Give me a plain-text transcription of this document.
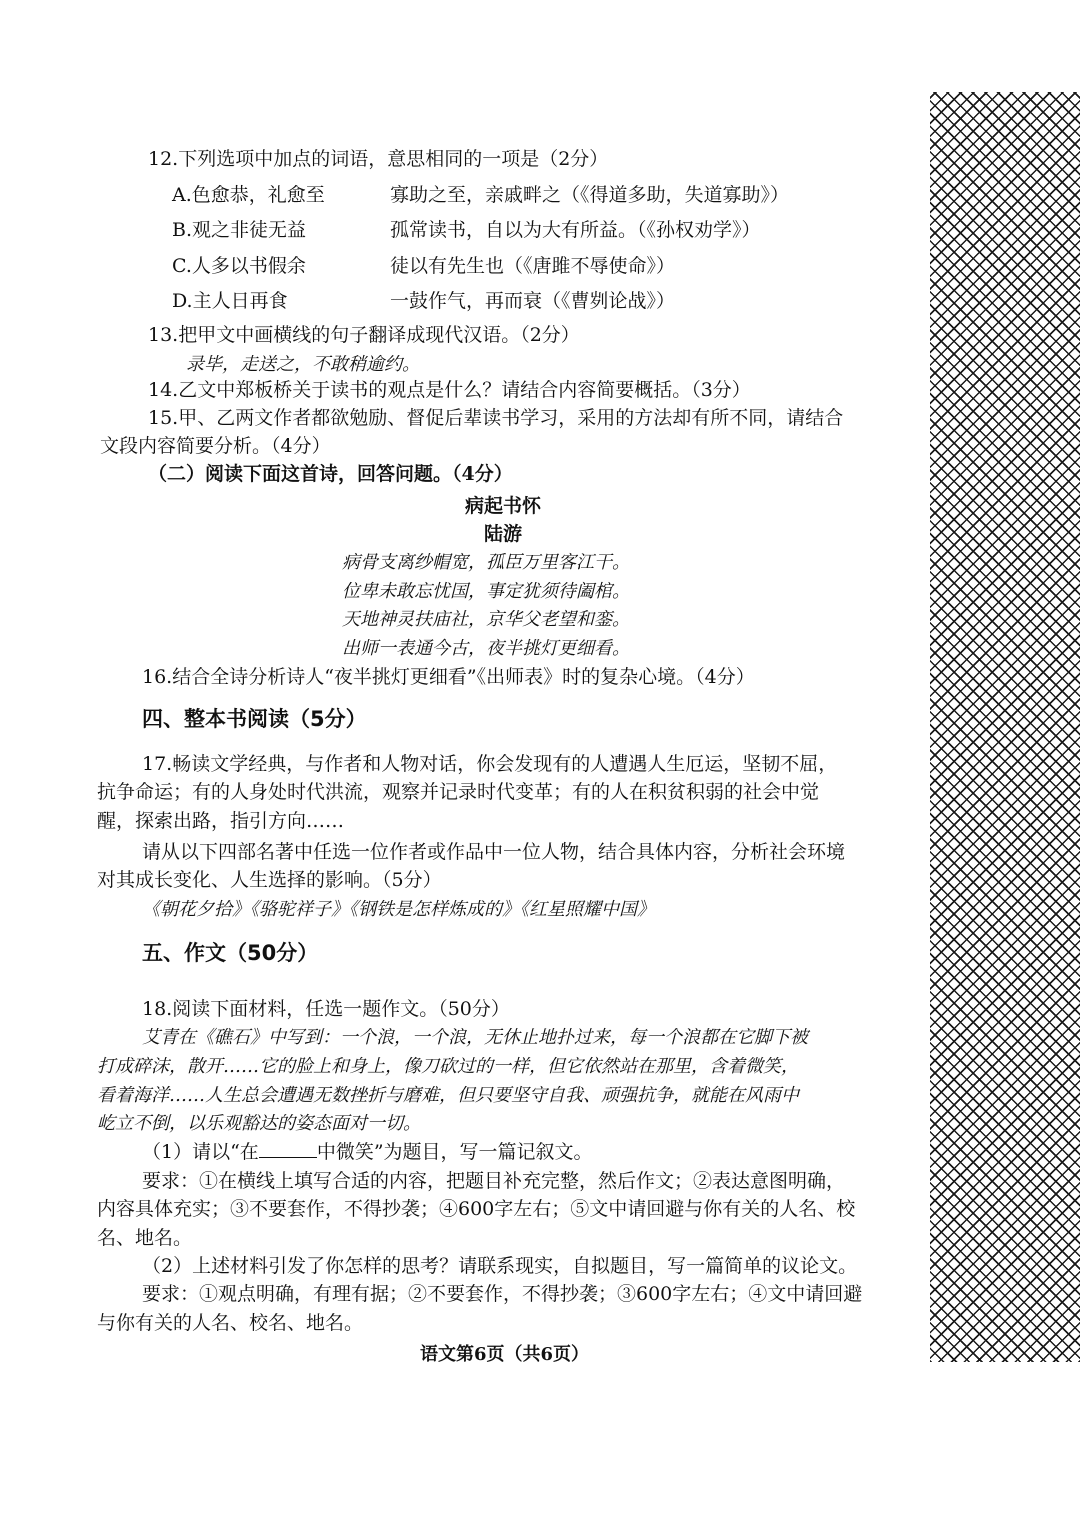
12.下列选项中加点的词语，意思相同的一项是（2分）
A.色愈恭，礼愈至	寡助之至，亲戚畔之（《得道多助，失道寡助》）
B.观之非徒无益	孤常读书，自以为大有所益。（《孙权劝学》）
C.人多以书假余	徒以有先生也（《唐雎不辱使命》）
D.主人日再食	一鼓作气，再而衰（《曹刿论战》）
13.把甲文中画横线的句子翻译成现代汉语。（2分）
录毕，走送之，不敢稍逾约。
14.乙文中郑板桥关于读书的观点是什么？请结合内容简要概括。（3分）
15.甲、乙两文作者都欲勉励、督促后辈读书学习，采用的方法却有所不同，请结合
文段内容简要分析。（4分）
（二）阅读下面这首诗，回答问题。（4分）
病起书怀
陆游
病骨支离纱帽宽，孤臣万里客江干。
位卑未敢忘忧国，事定犹须待阖棺。
天地神灵扶庙社，京华父老望和銮。
出师一表通今古，夜半挑灯更细看。
16.结合全诗分析诗人“夜半挑灯更细看”《出师表》时的复杂心境。（4分）
四、整本书阅读（5分）
17.畅读文学经典，与作者和人物对话，你会发现有的人遭遇人生厄运，坚韧不屈，
抗争命运；有的人身处时代洪流，观察并记录时代变革；有的人在积贫积弱的社会中觉
醒，探索出路，指引方向……
请从以下四部名著中任选一位作者或作品中一位人物，结合具体内容，分析社会环境
对其成长变化、人生选择的影响。（5分）
《朝花夕拾》《骆驼祥子》《钢铁是怎样炼成的》《红星照耀中国》
五、作文（50分）
18.阅读下面材料，任选一题作文。（50分）
艾青在《礁石》中写到：一个浪，一个浪，无休止地扑过来，每一个浪都在它脚下被
打成碎沫，散开……它的脸上和身上，像刀砍过的一样，但它依然站在那里，含着微笑，
看着海洋……人生总会遭遇无数挫折与磨难，但只要坚守自我、顽强抗争，就能在风雨中
屹立不倒，以乐观豁达的姿态面对一切。
（1）请以“在	中微笑”为题目，写一篇记叙文。
要求：①在横线上填写合适的内容，把题目补充完整，然后作文；②表达意图明确，
内容具体充实；③不要套作，不得抄袭；④600字左右；⑤文中请回避与你有关的人名、校
名、地名。
（2）上述材料引发了你怎样的思考？请联系现实，自拟题目，写一篇简单的议论文。
要求：①观点明确，有理有据；②不要套作，不得抄袭；③600字左右；④文中请回避
与你有关的人名、校名、地名。
语文第6页（共6页）
